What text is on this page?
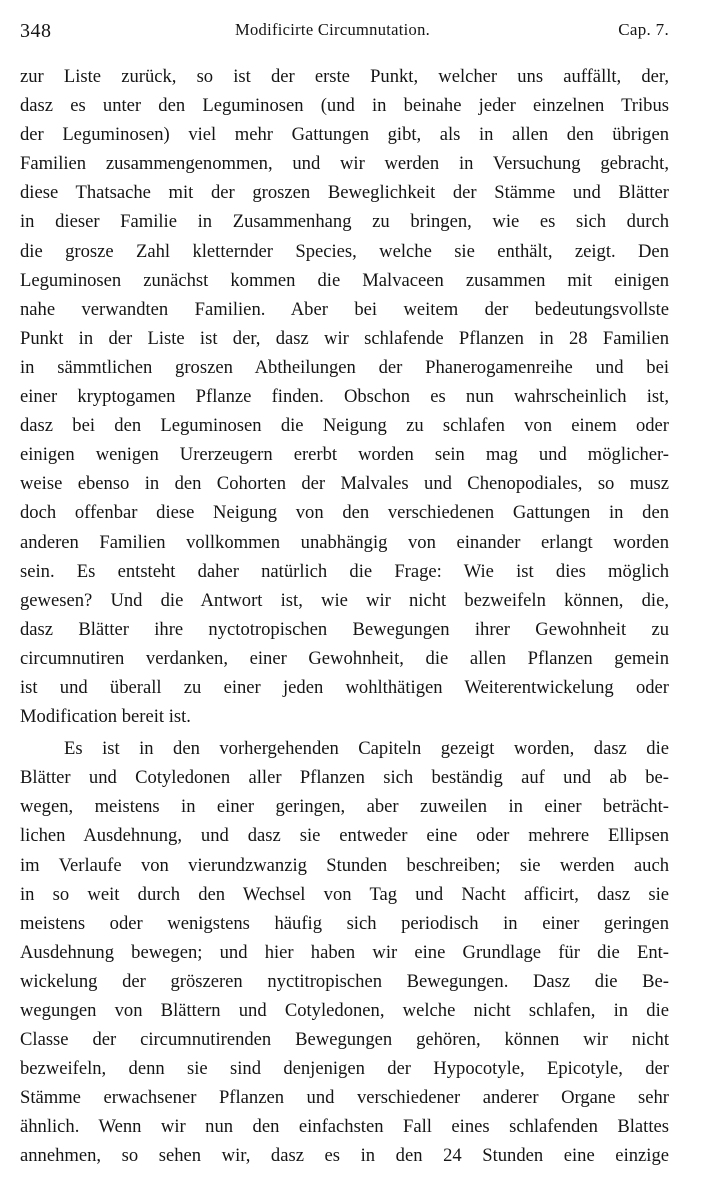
348	Modificirte Circumnutation.	Cap. 7.
zur Liste zurück, so ist der erste Punkt, welcher uns auffällt, der,
dasz es unter den Leguminosen (und in beinahe jeder einzelnen Tribus
der Leguminosen) viel mehr Gattungen gibt, als in allen den übrigen
Familien zusammengenommen, und wir werden in Versuchung gebracht,
diese Thatsache mit der groszen Beweglichkeit der Stämme und Blätter
in dieser Familie in Zusammenhang zu bringen, wie es sich durch
die grosze Zahl kletternder Species, welche sie enthält, zeigt. Den
Leguminosen zunächst kommen die Malvaceen zusammen mit einigen
nahe verwandten Familien. Aber bei weitem der bedeutungsvollste
Punkt in der Liste ist der, dasz wir schlafende Pflanzen in 28 Familien
in sämmtlichen groszen Abtheilungen der Phanerogamenreihe und bei
einer kryptogamen Pflanze finden. Obschon es nun wahrscheinlich ist,
dasz bei den Leguminosen die Neigung zu schlafen von einem oder
einigen wenigen Urerzeugern ererbt worden sein mag und möglicher-
weise ebenso in den Cohorten der Malvales und Chenopodiales, so musz
doch offenbar diese Neigung von den verschiedenen Gattungen in den
anderen Familien vollkommen unabhängig von einander erlangt worden
sein. Es entsteht daher natürlich die Frage: Wie ist dies möglich
gewesen? Und die Antwort ist, wie wir nicht bezweifeln können, die,
dasz Blätter ihre nyctotropischen Bewegungen ihrer Gewohnheit zu
circumnutiren verdanken, einer Gewohnheit, die allen Pflanzen gemein
ist und überall zu einer jeden wohlthätigen Weiterentwickelung oder
Modification bereit ist.
Es ist in den vorhergehenden Capiteln gezeigt worden, dasz die
Blätter und Cotyledonen aller Pflanzen sich beständig auf und ab be-
wegen, meistens in einer geringen, aber zuweilen in einer beträcht-
lichen Ausdehnung, und dasz sie entweder eine oder mehrere Ellipsen
im Verlaufe von vierundzwanzig Stunden beschreiben; sie werden auch
in so weit durch den Wechsel von Tag und Nacht afficirt, dasz sie
meistens oder wenigstens häufig sich periodisch in einer geringen
Ausdehnung bewegen; und hier haben wir eine Grundlage für die Ent-
wickelung der gröszeren nyctitropischen Bewegungen. Dasz die Be-
wegungen von Blättern und Cotyledonen, welche nicht schlafen, in die
Classe der circumnutirenden Bewegungen gehören, können wir nicht
bezweifeln, denn sie sind denjenigen der Hypocotyle, Epicotyle, der
Stämme erwachsener Pflanzen und verschiedener anderer Organe sehr
ähnlich. Wenn wir nun den einfachsten Fall eines schlafenden Blattes
annehmen, so sehen wir, dasz es in den 24 Stunden eine einzige
